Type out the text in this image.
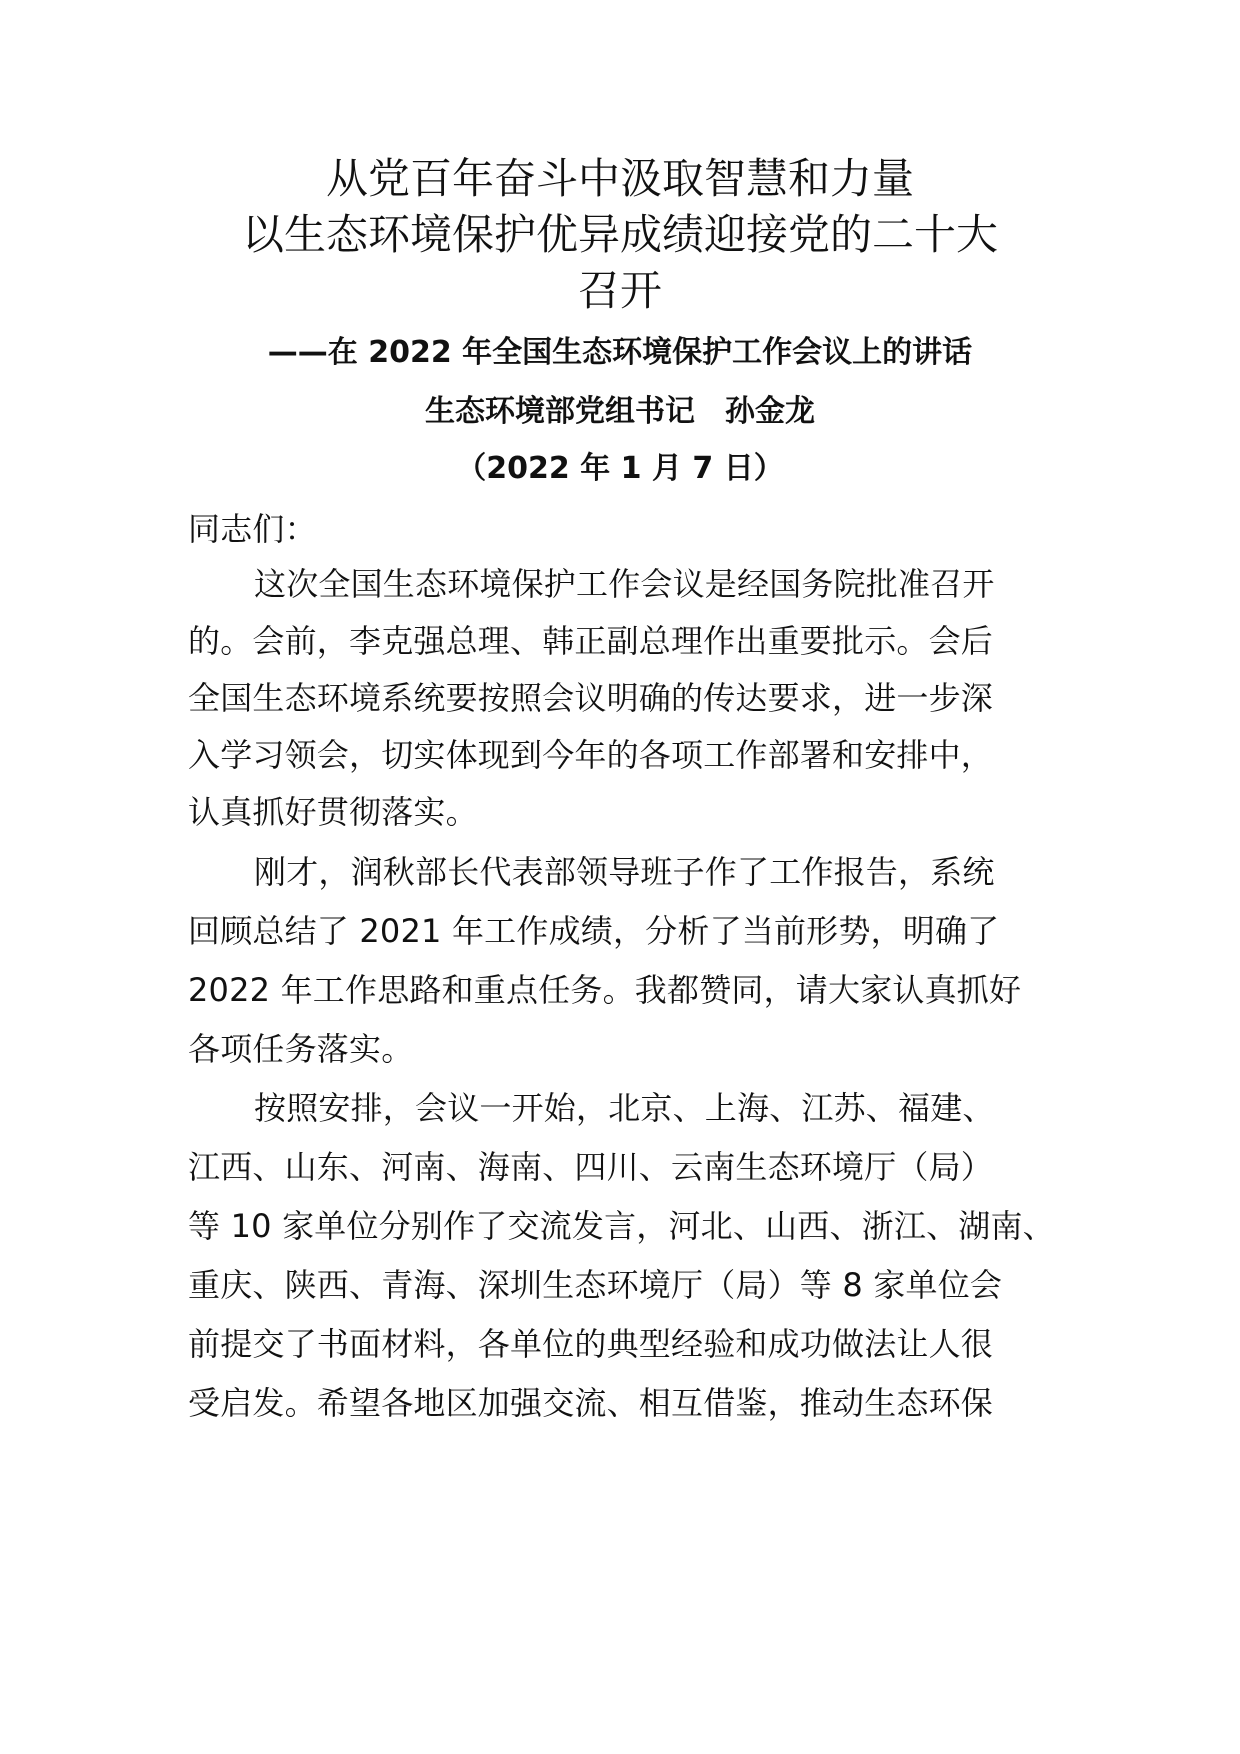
从党百年奋斗中汲取智慧和力量
以生态环境保护优异成绩迎接党的二十大
召开
——在 2022 年全国生态环境保护工作会议上的讲话
生态环境部党组书记　孙金龙
（2022 年 1 月 7 日）
同志们：
这次全国生态环境保护工作会议是经国务院批准召开
的。会前，李克强总理、韩正副总理作出重要批示。会后
全国生态环境系统要按照会议明确的传达要求，进一步深
入学习领会，切实体现到今年的各项工作部署和安排中，
认真抓好贯彻落实。
刚才，润秋部长代表部领导班子作了工作报告，系统
回顾总结了 2021 年工作成绩，分析了当前形势，明确了
2022 年工作思路和重点任务。我都赞同，请大家认真抓好
各项任务落实。
按照安排，会议一开始，北京、上海、江苏、福建、
江西、山东、河南、海南、四川、云南生态环境厅（局）
等 10 家单位分别作了交流发言，河北、山西、浙江、湖南、
重庆、陕西、青海、深圳生态环境厅（局）等 8 家单位会
前提交了书面材料，各单位的典型经验和成功做法让人很
受启发。希望各地区加强交流、相互借鉴，推动生态环保
